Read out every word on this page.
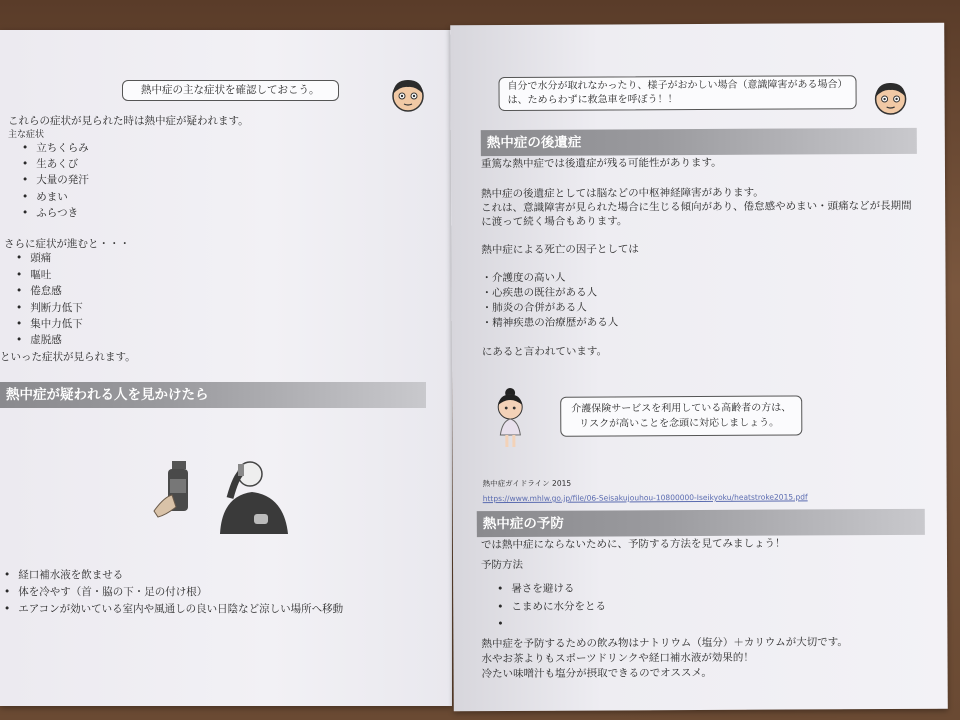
熱中症の主な症状を確認しておこう。
これらの症状が見られた時は熱中症が疑われます。
主な症状
• 立ちくらみ
• 生あくび
• 大量の発汗
• めまい
• ふらつき
さらに症状が進むと・・・
• 頭痛
• 嘔吐
• 倦怠感
• 判断力低下
• 集中力低下
• 虚脱感
といった症状が見られます。
熱中症が疑われる人を見かけたら
• 経口補水液を飲ませる
• 体を冷やす（首・脇の下・足の付け根）
• エアコンが効いている室内や風通しの良い日陰など涼しい場所へ移動
自分で水分が取れなかったり、様子がおかしい場合（意識障害がある場合）
は、ためらわずに救急車を呼ぼう！！
熱中症の後遺症
重篤な熱中症では後遺症が残る可能性があります。
熱中症の後遺症としては脳などの中枢神経障害があります。
これは、意識障害が見られた場合に生じる傾向があり、倦怠感やめまい・頭痛などが長期間
に渡って続く場合もあります。
熱中症による死亡の因子としては
・介護度の高い人
・心疾患の既往がある人
・肺炎の合併がある人
・精神疾患の治療歴がある人
にあると言われています。
介護保険サービスを利用している高齢者の方は、
リスクが高いことを念頭に対応しましょう。
熱中症ガイドライン 2015
https://www.mhlw.go.jp/file/06-Seisakujouhou-10800000-Iseikyoku/heatstroke2015.pdf
熱中症の予防
では熱中症にならないために、予防する方法を見てみましょう！
予防方法
• 暑さを避ける
• こまめに水分をとる
•
熱中症を予防するための飲み物はナトリウム（塩分）＋カリウムが大切です。
水やお茶よりもスポーツドリンクや経口補水液が効果的！
冷たい味噌汁も塩分が摂取できるのでオススメ。
